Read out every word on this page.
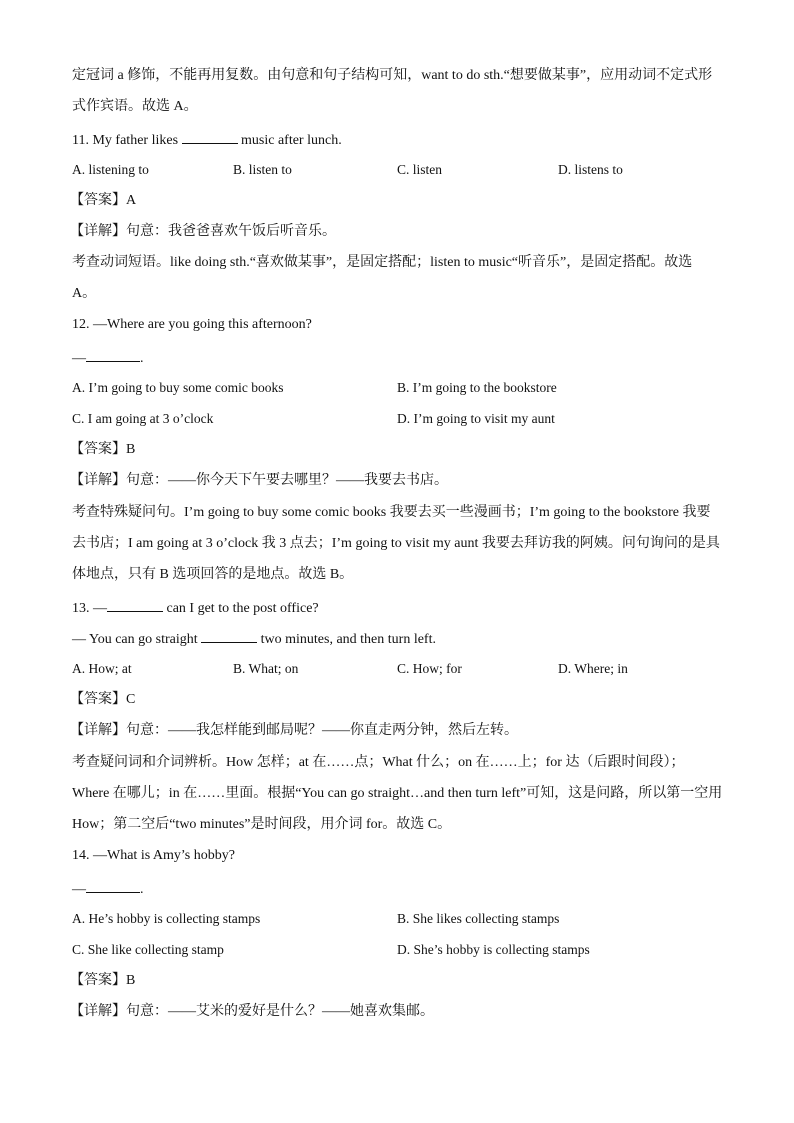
定冠词 a 修饰，不能再用复数。由句意和句子结构可知，want to do sth.“想要做某事”，应用动词不定式形
式作宾语。故选 A。
11. My father likes	music after lunch.
A. listening to	B. listen to	C. listen	D. listens to
【答案】A
【详解】句意：我爸爸喜欢午饭后听音乐。
考查动词短语。like doing sth.“喜欢做某事”，是固定搭配；listen to music“听音乐”，是固定搭配。故选
A。
12. —Where are you going this afternoon?
—	.
A. I’m going to buy some comic books	B. I’m going to the bookstore
C. I am going at 3 o’clock	D. I’m going to visit my aunt
【答案】B
【详解】句意：——你今天下午要去哪里？——我要去书店。
考查特殊疑问句。I’m going to buy some comic books 我要去买一些漫画书；I’m going to the bookstore 我要
去书店；I am going at 3 o’clock 我 3 点去；I’m going to visit my aunt 我要去拜访我的阿姨。问句询问的是具
体地点，只有 B 选项回答的是地点。故选 B。
13. —	can I get to the post office?
— You can go straight	two minutes, and then turn left.
A. How; at	B. What; on	C. How; for	D. Where; in
【答案】C
【详解】句意：——我怎样能到邮局呢？——你直走两分钟，然后左转。
考查疑问词和介词辨析。How 怎样；at 在……点；What 什么；on 在……上；for 达（后跟时间段）；
Where 在哪儿；in 在……里面。根据“You can go straight…and then turn left”可知，这是问路，所以第一空用
How；第二空后“two minutes”是时间段，用介词 for。故选 C。
14. —What is Amy’s hobby?
—	.
A. He’s hobby is collecting stamps	B. She likes collecting stamps
C. She like collecting stamp	D. She’s hobby is collecting stamps
【答案】B
【详解】句意：——艾米的爱好是什么？——她喜欢集邮。
